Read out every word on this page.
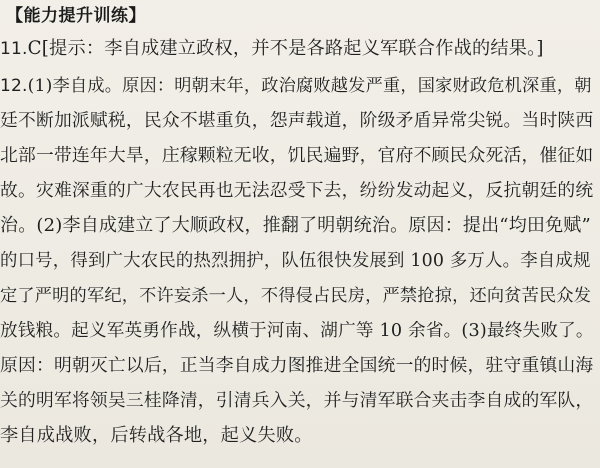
【能力提升训练】
11.C[提示：李自成建立政权，并不是各路起义军联合作战的结果。]
12.(1)李自成。原因：明朝末年，政治腐败越发严重，国家财政危机深重，朝
廷不断加派赋税，民众不堪重负，怨声载道，阶级矛盾异常尖锐。当时陕西
北部一带连年大旱，庄稼颗粒无收，饥民遍野，官府不顾民众死活，催征如
故。灾难深重的广大农民再也无法忍受下去，纷纷发动起义，反抗朝廷的统
治。(2)李自成建立了大顺政权，推翻了明朝统治。原因：提出“均田免赋”
的口号，得到广大农民的热烈拥护，队伍很快发展到 100 多万人。李自成规
定了严明的军纪，不许妄杀一人，不得侵占民房，严禁抢掠，还向贫苦民众发
放钱粮。起义军英勇作战，纵横于河南、湖广等 10 余省。(3)最终失败了。
原因：明朝灭亡以后，正当李自成力图推进全国统一的时候，驻守重镇山海
关的明军将领吴三桂降清，引清兵入关，并与清军联合夹击李自成的军队，
李自成战败，后转战各地，起义失败。
